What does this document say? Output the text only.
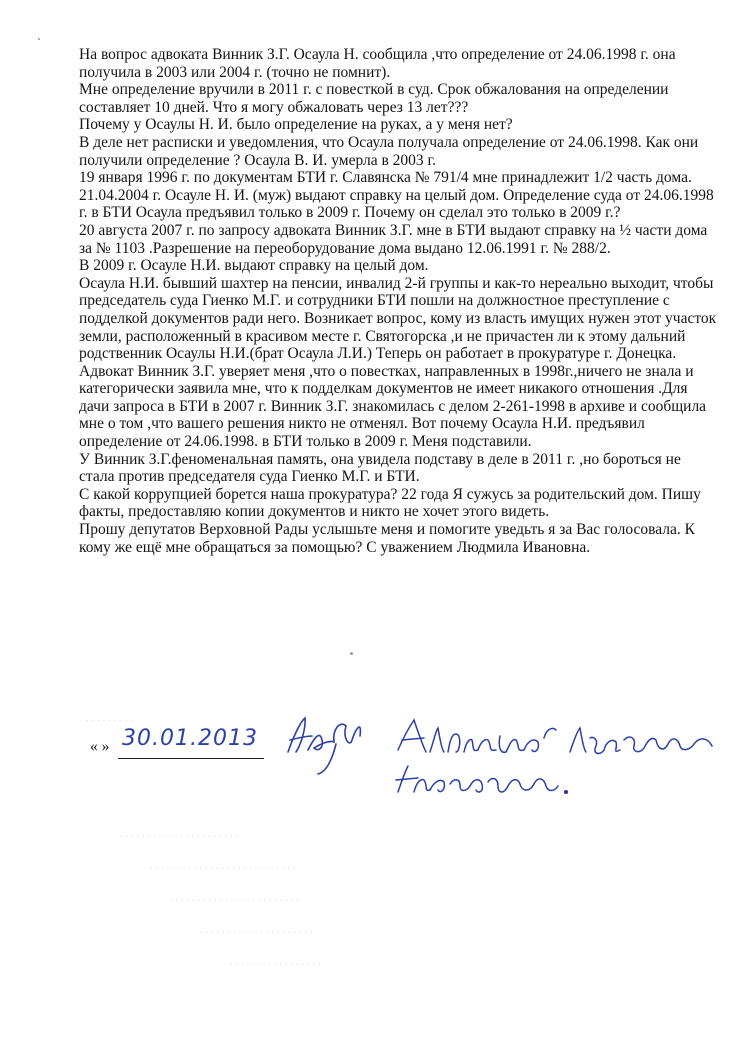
На вопрос адвоката Винник З.Г. Осаула Н. сообщила ,что определение от 24.06.1998 г. она получила в 2003 или 2004 г. (точно не помнит).

Мне определение вручили в 2011 г. с повесткой в суд. Срок обжалования на определении составляет 10 дней. Что я могу обжаловать через 13 лет???

Почему у Осаулы Н. И. было определение на руках, а у меня нет?

В деле нет расписки и уведомления, что Осаула получала определение от 24.06.1998. Как они получили определение ? Осаула В. И. умерла в 2003 г.

19 января 1996 г. по документам БТИ г. Славянска № 791/4 мне принадлежит 1/2 часть дома. 21.04.2004 г. Осауле Н. И. (муж) выдают справку на целый дом. Определение суда от 24.06.1998 г. в БТИ Осаула предъявил только в 2009 г. Почему он сделал это только в 2009 г.?

20 августа 2007 г. по запросу адвоката Винник З.Г. мне в БТИ выдают справку на ½ части дома за № 1103 .Разрешение на переоборудование дома выдано 12.06.1991 г. № 288/2.

В 2009 г. Осауле Н.И. выдают справку на целый дом.

Осаула Н.И. бывший шахтер на пенсии, инвалид 2-й группы и как-то нереально выходит, чтобы председатель суда Гиенко М.Г. и сотрудники БТИ пошли на должностное преступление с подделкой документов ради него. Возникает вопрос, кому из власть имущих нужен этот участок земли, расположенный в красивом месте г. Святогорска ,и не причастен ли к этому дальний родственник Осаулы Н.И.(брат Осаула Л.И.) Теперь он работает в прокуратуре г. Донецка.

Адвокат Винник З.Г. уверяет меня ,что о повестках, направленных в 1998г.,ничего не знала и категорически заявила мне, что к подделкам документов не имеет никакого отношения .Для дачи запроса в БТИ в 2007 г. Винник З.Г. знакомилась с делом 2-261-1998 в архиве и сообщила мне о том ,что вашего решения никто не отменял. Вот почему Осаула Н.И. предъявил определение от 24.06.1998. в БТИ только в 2009 г. Меня подставили.

У Винник З.Г.феноменальная память, она увидела подставу в деле в 2011 г. ,но бороться не стала против председателя суда Гиенко М.Г. и БТИ.

С какой коррупцией борется наша прокуратура? 22 года Я сужусь за родительский дом. Пишу факты, предоставляю копии документов и никто не хочет этого видеть.

Прошу депутатов Верховной Рады услышьте меня и помогите уведьть я за Вас голосовала. К кому же ещё мне обращаться за помощью? С уважением Людмила Ивановна.

« » 30.01.2013
. . . . . . . . .
. . . . . . . . . . . . . . . . . . . . . .
. . . . . . . . . . . . . . . . . . . . . . . . . . .
. . . . . . . . . . . . . . . . . . . . . . . .
. . . . . . . . . . . . . . . . . . . . .
. . . . . . . . . . . . . . . . .
